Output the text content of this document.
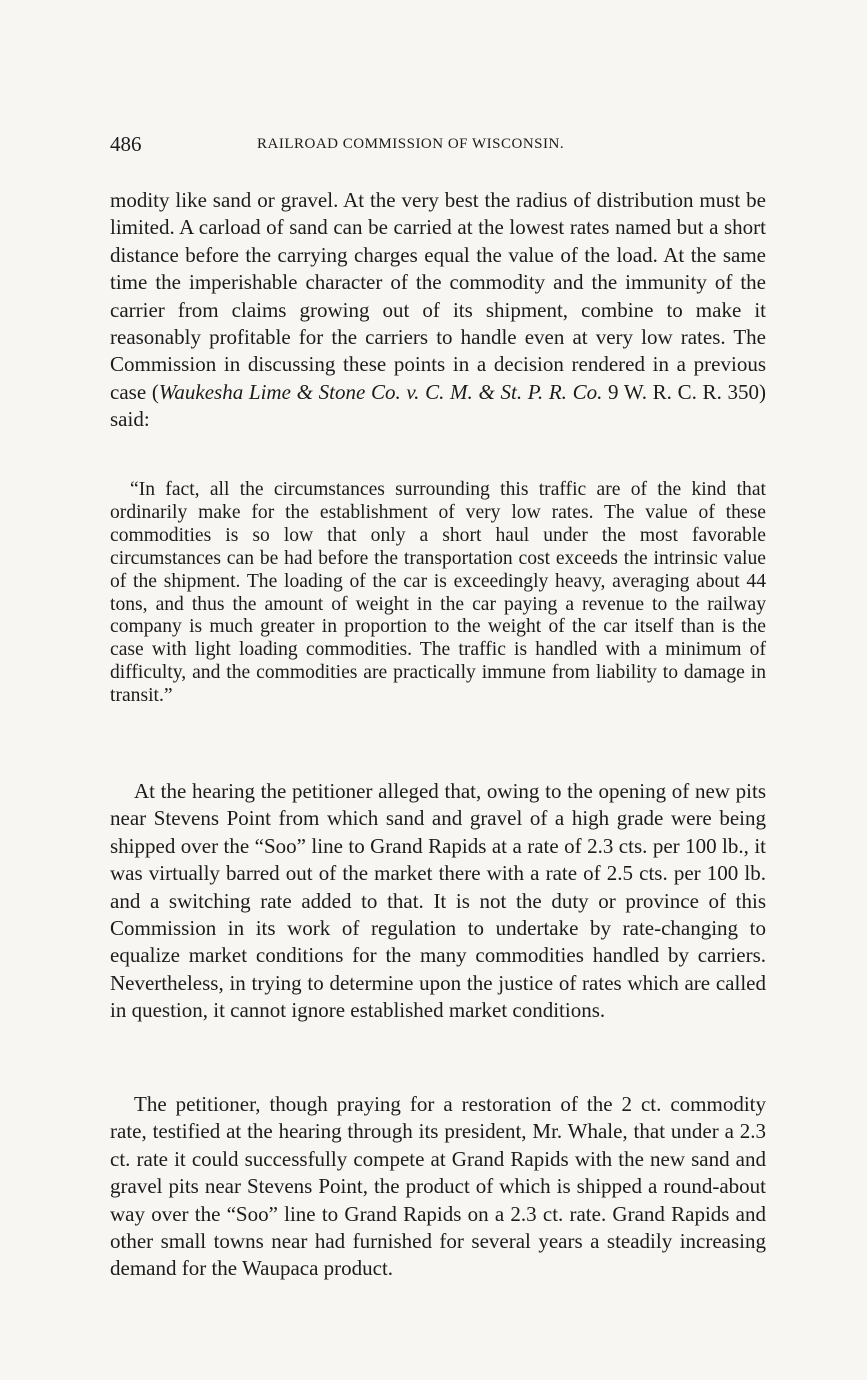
486	RAILROAD COMMISSION OF WISCONSIN.

modity like sand or gravel. At the very best the radius of distribution must be limited. A carload of sand can be carried at the lowest rates named but a short distance before the carrying charges equal the value of the load. At the same time the imperishable character of the commodity and the immunity of the carrier from claims growing out of its shipment, combine to make it reasonably profitable for the carriers to handle even at very low rates. The Commission in discussing these points in a decision rendered in a previous case (Waukesha Lime & Stone Co. v. C. M. & St. P. R. Co. 9 W. R. C. R. 350) said:

“In fact, all the circumstances surrounding this traffic are of the kind that ordinarily make for the establishment of very low rates. The value of these commodities is so low that only a short haul under the most favorable circumstances can be had before the transportation cost exceeds the intrinsic value of the shipment. The loading of the car is exceedingly heavy, averaging about 44 tons, and thus the amount of weight in the car paying a revenue to the railway company is much greater in proportion to the weight of the car itself than is the case with light loading commodities. The traffic is handled with a minimum of difficulty, and the commodities are practically immune from liability to damage in transit.”

At the hearing the petitioner alleged that, owing to the opening of new pits near Stevens Point from which sand and gravel of a high grade were being shipped over the “Soo” line to Grand Rapids at a rate of 2.3 cts. per 100 lb., it was virtually barred out of the market there with a rate of 2.5 cts. per 100 lb. and a switching rate added to that. It is not the duty or province of this Commission in its work of regulation to undertake by rate-changing to equalize market conditions for the many commodities handled by carriers. Nevertheless, in trying to determine upon the justice of rates which are called in question, it cannot ignore established market conditions.

The petitioner, though praying for a restoration of the 2 ct. commodity rate, testified at the hearing through its president, Mr. Whale, that under a 2.3 ct. rate it could successfully compete at Grand Rapids with the new sand and gravel pits near Stevens Point, the product of which is shipped a round-about way over the “Soo” line to Grand Rapids on a 2.3 ct. rate. Grand Rapids and other small towns near had furnished for several years a steadily increasing demand for the Waupaca product.
